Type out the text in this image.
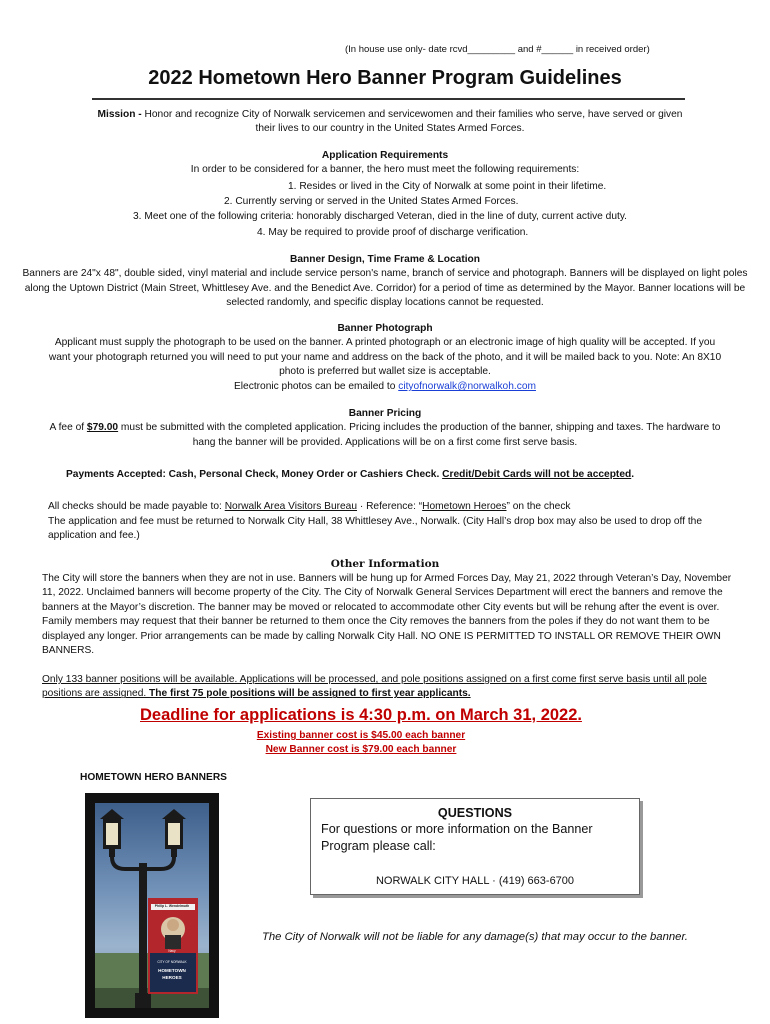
(In house use only- date rcvd_________ and #______ in received order)
2022 Hometown Hero Banner Program Guidelines
Mission - Honor and recognize City of Norwalk servicemen and servicewomen and their families who serve, have served or given their lives to our country in the United States Armed Forces.
Application Requirements
In order to be considered for a banner, the hero must meet the following requirements:
1. Resides or lived in the City of Norwalk at some point in their lifetime.
2. Currently serving or served in the United States Armed Forces.
3. Meet one of the following criteria: honorably discharged Veteran, died in the line of duty, current active duty.
4. May be required to provide proof of discharge verification.
Banner Design, Time Frame & Location
Banners are 24"x 48", double sided, vinyl material and include service person's name, branch of service and photograph. Banners will be displayed on light poles along the Uptown District (Main Street, Whittlesey Ave. and the Benedict Ave. Corridor) for a period of time as determined by the Mayor. Banner locations will be selected randomly, and specific display locations cannot be requested.
Banner Photograph
Applicant must supply the photograph to be used on the banner. A printed photograph or an electronic image of high quality will be accepted. If you want your photograph returned you will need to put your name and address on the back of the photo, and it will be mailed back to you. Note: An 8X10 photo is preferred but wallet size is acceptable.
Electronic photos can be emailed to cityofnorwalk@norwalkoh.com
Banner Pricing
A fee of $79.00 must be submitted with the completed application. Pricing includes the production of the banner, shipping and taxes. The hardware to hang the banner will be provided. Applications will be on a first come first serve basis.
Payments Accepted: Cash, Personal Check, Money Order or Cashiers Check. Credit/Debit Cards will not be accepted.
All checks should be made payable to: Norwalk Area Visitors Bureau · Reference: “Hometown Heroes” on the check
The application and fee must be returned to Norwalk City Hall, 38 Whittlesey Ave., Norwalk. (City Hall’s drop box may also be used to drop off the application and fee.)
Other Information
The City will store the banners when they are not in use. Banners will be hung up for Armed Forces Day, May 21, 2022 through Veteran’s Day, November 11, 2022. Unclaimed banners will become property of the City. The City of Norwalk General Services Department will erect the banners and remove the banners at the Mayor’s discretion. The banner may be moved or relocated to accommodate other City events but will be rehung after the event is over. Family members may request that their banner be returned to them once the City removes the banners from the poles if they do not want them to be displayed any longer. Prior arrangements can be made by calling Norwalk City Hall. NO ONE IS PERMITTED TO INSTALL OR REMOVE THEIR OWN BANNERS.
Only 133 banner positions will be available. Applications will be processed, and pole positions assigned on a first come first serve basis until all pole positions are assigned. The first 75 pole positions will be assigned to first year applicants.
Deadline for applications is 4:30 p.m. on March 31, 2022.
Existing banner cost is $45.00 each banner
New Banner cost is $79.00 each banner
HOMETOWN HERO BANNERS
Philip L. Wendelmuth
Navy
CITY OF NORWALK
HOMETOWN
HEROES
QUESTIONS
For questions or more information on the Banner Program please call:
NORWALK CITY HALL · (419) 663-6700
The City of Norwalk will not be liable for any damage(s) that may occur to the banner.
